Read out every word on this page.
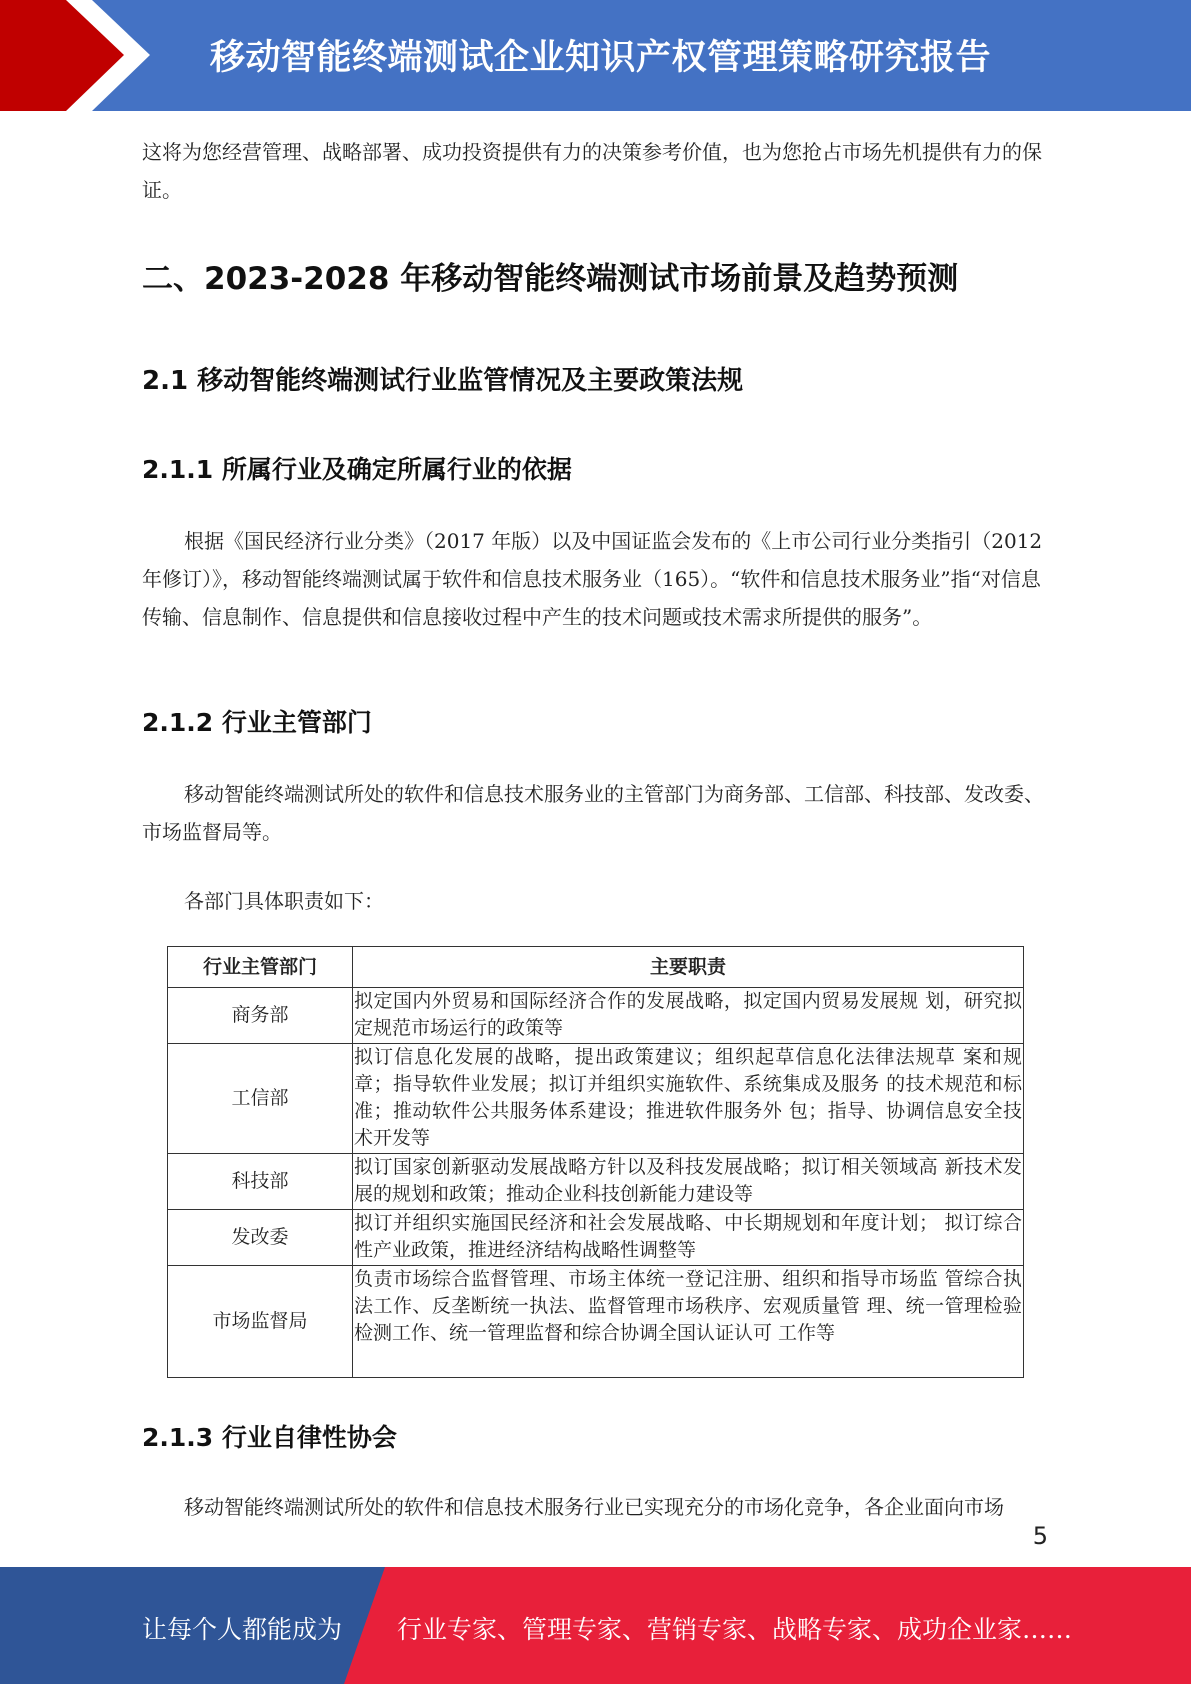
移动智能终端测试企业知识产权管理策略研究报告
这将为您经营管理、战略部署、成功投资提供有力的决策参考价值，也为您抢占市场先机提供有力的保证。
二、2023-2028 年移动智能终端测试市场前景及趋势预测
2.1 移动智能终端测试行业监管情况及主要政策法规
2.1.1 所属行业及确定所属行业的依据
根据《国民经济行业分类》（2017 年版）以及中国证监会发布的《上市公司行业分类指引（2012 年修订）》，移动智能终端测试属于软件和信息技术服务业（165）。“软件和信息技术服务业”指“对信息传输、信息制作、信息提供和信息接收过程中产生的技术问题或技术需求所提供的服务”。
2.1.2 行业主管部门
移动智能终端测试所处的软件和信息技术服务业的主管部门为商务部、工信部、科技部、发改委、市场监督局等。
各部门具体职责如下：
行业主管部门	主要职责
商务部	拟定国内外贸易和国际经济合作的发展战略，拟定国内贸易发展规 划，研究拟定规范市场运行的政策等
工信部	拟订信息化发展的战略，提出政策建议；组织起草信息化法律法规草 案和规章；指导软件业发展；拟订并组织实施软件、系统集成及服务 的技术规范和标准；推动软件公共服务体系建设；推进软件服务外 包；指导、协调信息安全技术开发等
科技部	拟订国家创新驱动发展战略方针以及科技发展战略；拟订相关领域高 新技术发展的规划和政策；推动企业科技创新能力建设等
发改委	拟订并组织实施国民经济和社会发展战略、中长期规划和年度计划； 拟订综合性产业政策，推进经济结构战略性调整等
市场监督局	负责市场综合监督管理、市场主体统一登记注册、组织和指导市场监 管综合执法工作、反垄断统一执法、监督管理市场秩序、宏观质量管 理、统一管理检验检测工作、统一管理监督和综合协调全国认证认可 工作等
2.1.3 行业自律性协会
移动智能终端测试所处的软件和信息技术服务行业已实现充分的市场化竞争，各企业面向市场
5
让每个人都能成为 行业专家、管理专家、营销专家、战略专家、成功企业家……
